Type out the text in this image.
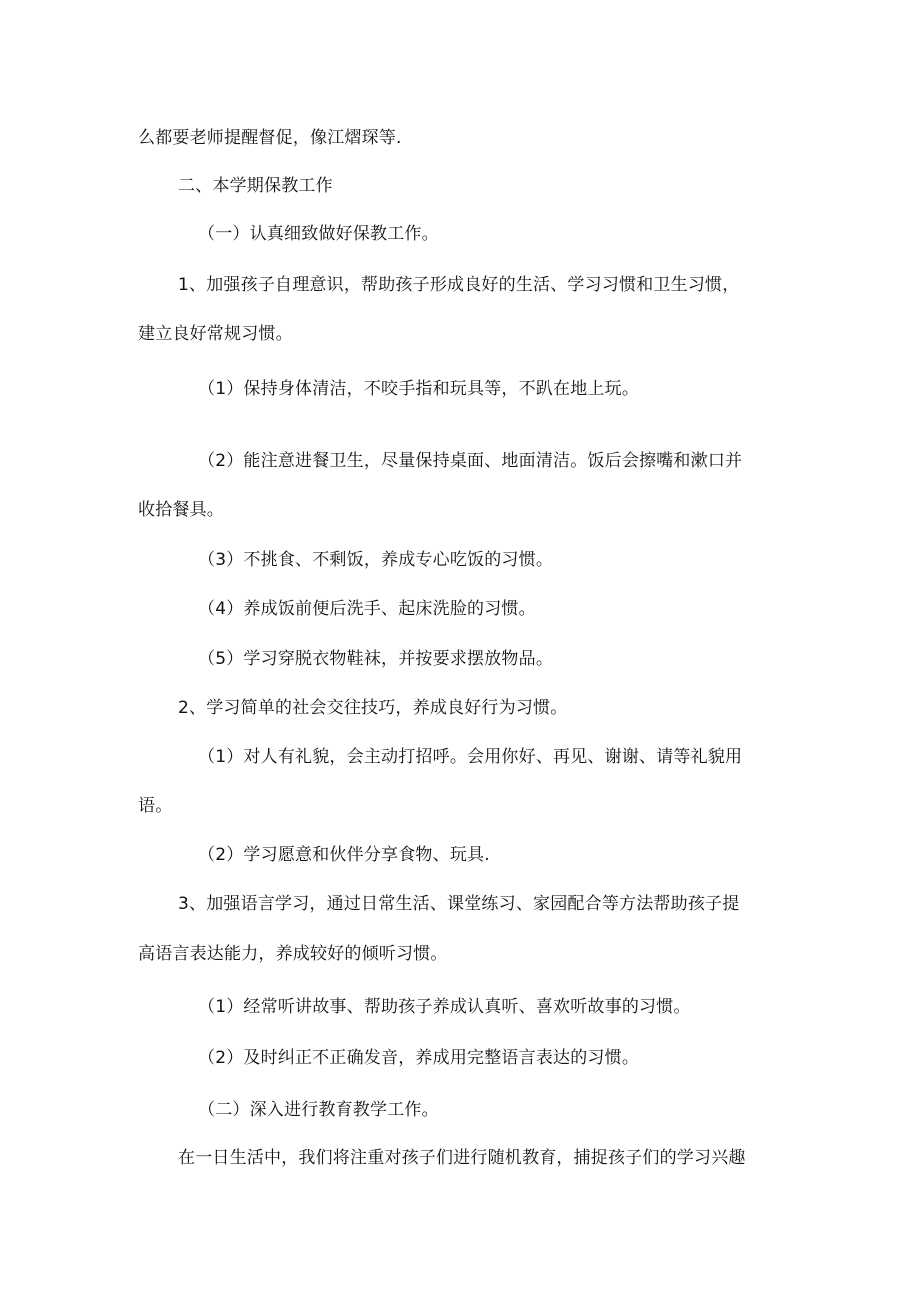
么都要老师提醒督促，像江熠琛等.
二、本学期保教工作
（一）认真细致做好保教工作。
1、加强孩子自理意识，帮助孩子形成良好的生活、学习习惯和卫生习惯，
建立良好常规习惯。
（1）保持身体清洁，不咬手指和玩具等，不趴在地上玩。
（2）能注意进餐卫生，尽量保持桌面、地面清洁。饭后会擦嘴和漱口并
收拾餐具。
（3）不挑食、不剩饭，养成专心吃饭的习惯。
（4）养成饭前便后洗手、起床洗脸的习惯。
（5）学习穿脱衣物鞋袜，并按要求摆放物品。
2、学习简单的社会交往技巧，养成良好行为习惯。
（1）对人有礼貌，会主动打招呼。会用你好、再见、谢谢、请等礼貌用
语。
（2）学习愿意和伙伴分享食物、玩具.
3、加强语言学习，通过日常生活、课堂练习、家园配合等方法帮助孩子提
高语言表达能力，养成较好的倾听习惯。
（1）经常听讲故事、帮助孩子养成认真听、喜欢听故事的习惯。
（2）及时纠正不正确发音，养成用完整语言表达的习惯。
（二）深入进行教育教学工作。
在一日生活中，我们将注重对孩子们进行随机教育，捕捉孩子们的学习兴趣
